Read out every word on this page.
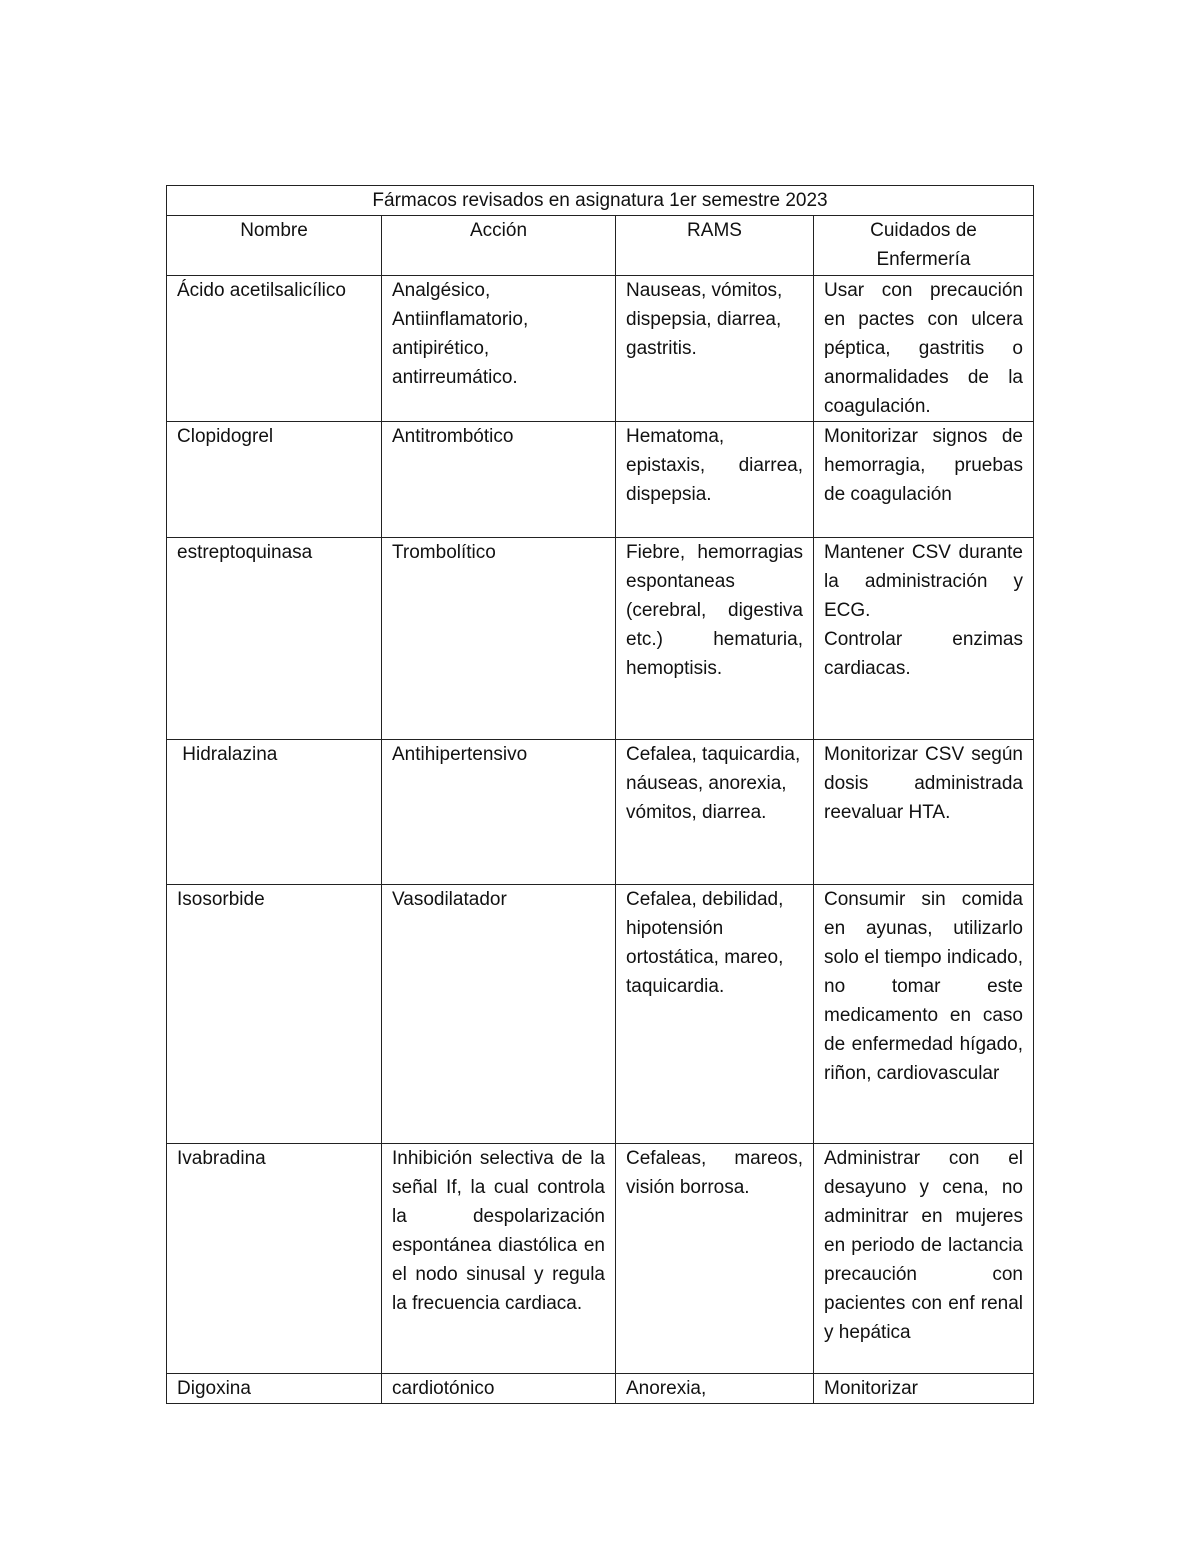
Fármacos revisados en asignatura 1er semestre 2023			
Nombre	Acción	RAMS	Cuidados de Enfermería
Ácido acetilsalicílico	Analgésico, Antiinflamatorio, antipirético, antirreumático.	Nauseas, vómitos, dispepsia, diarrea, gastritis.	Usar con precaución en pactes con ulcera péptica, gastritis o anormalidades de la coagulación.
Clopidogrel	Antitrombótico	Hematoma, epistaxis, diarrea, dispepsia.	Monitorizar signos de hemorragia, pruebas de coagulación
estreptoquinasa	Trombolítico	Fiebre, hemorragias espontaneas (cerebral, digestiva etc.) hematuria, hemoptisis.	Mantener CSV durante la administración y ECG.
Controlar enzimas cardiacas.

Hidralazina	Antihipertensivo	Cefalea, taquicardia, náuseas, anorexia, vómitos, diarrea.	Monitorizar CSV según dosis administrada reevaluar HTA.
Isosorbide	Vasodilatador	Cefalea, debilidad, hipotensión ortostática, mareo, taquicardia.	Consumir sin comida en ayunas, utilizarlo solo el tiempo indicado, no tomar este medicamento en caso de enfermedad hígado, riñon, cardiovascular
Ivabradina	Inhibición selectiva de la señal If, la cual controla la despolarización espontánea diastólica en el nodo sinusal y regula la frecuencia cardiaca.	Cefaleas, mareos, visión borrosa.	Administrar con el desayuno y cena, no adminitrar en mujeres en periodo de lactancia precaución con pacientes con enf renal y hepática
Digoxina	cardiotónico	Anorexia,	Monitorizar
